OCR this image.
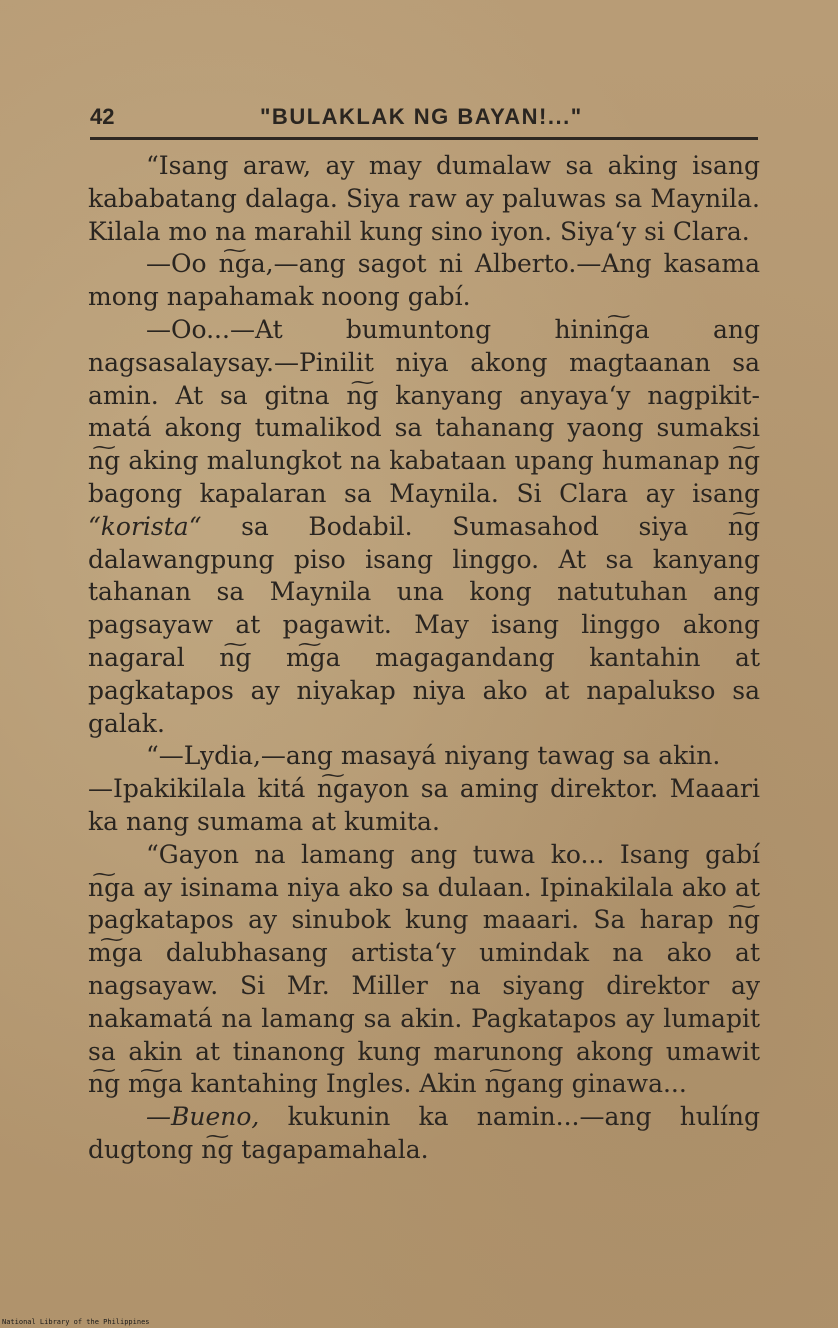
42	"BULAKLAK NG BAYAN!..."

“Isang araw, ay may dumalaw sa aking isang kababatang dalaga. Siya raw ay paluwas sa Maynila. Kilala mo na marahil kung sino iyon. Siya‘y si Clara.

—Oo n͠ga,—ang sagot ni Alberto.—Ang kasama mong napahamak noong gabí.

—Oo...—At bumuntong hinin͠ga ang nagsasalaysay.—Pinilit niya akong magtaanan sa amin. At sa gitna n͠g kanyang anyaya‘y nagpikit-matá akong tumalikod sa tahanang yaong sumaksi n͠g aking malungkot na kabataan upang humanap n͠g bagong kapalaran sa Maynila. Si Clara ay isang “korista“ sa Bodabil. Sumasahod siya n͠g dalawangpung piso isang linggo. At sa kanyang tahanan sa Maynila una kong natutuhan ang pagsayaw at pagawit. May isang linggo akong nagaral n͠g m͠ga magagandang kantahin at pagkatapos ay niyakap niya ako at napalukso sa galak.

“—Lydia,—ang masayá niyang tawag sa akin.

—Ipakikilala kitá n͠gayon sa aming direktor. Maaari ka nang sumama at kumita.

“Gayon na lamang ang tuwa ko... Isang gabí n͠ga ay isinama niya ako sa dulaan. Ipinakilala ako at pagkatapos ay sinubok kung maaari. Sa harap n͠g m͠ga dalubhasang artista‘y umindak na ako at nagsayaw. Si Mr. Miller na siyang direktor ay nakamatá na lamang sa akin. Pagkatapos ay lumapit sa akin at tinanong kung marunong akong umawit n͠g m͠ga kantahing Ingles. Akin n͠gang ginawa...

—Bueno, kukunin ka namin...—ang hulíng dugtong n͠g tagapamahala.

National Library of the Philippines
